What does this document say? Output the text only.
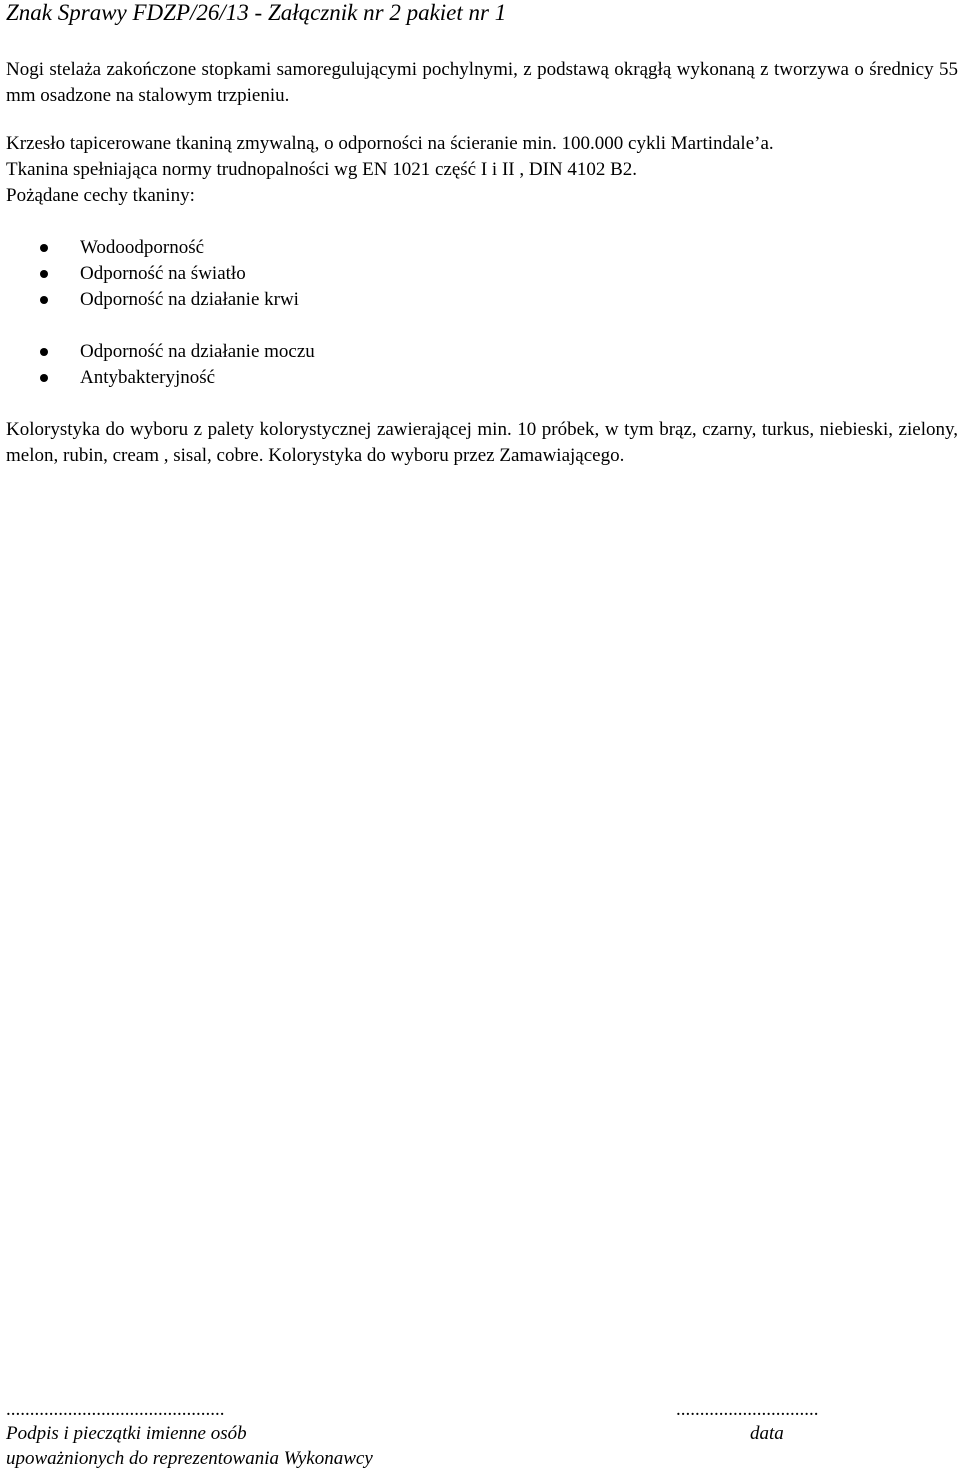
Znak Sprawy FDZP/26/13 - Załącznik nr 2 pakiet nr 1
Nogi stelaża zakończone stopkami samoregulującymi pochylnymi, z podstawą okrągłą wykonaną z tworzywa o średnicy 55 mm osadzone na stalowym trzpieniu.
Krzesło tapicerowane tkaniną zmywalną, o odporności na ścieranie min. 100.000 cykli Martindale’a.
Tkanina spełniająca normy trudnopalności wg EN 1021 część I i II , DIN 4102 B2.
Pożądane cechy tkaniny:
Wodoodporność
Odporność na światło
Odporność na działanie krwi
Odporność na działanie moczu
Antybakteryjność
Kolorystyka do wyboru z palety kolorystycznej zawierającej min. 10 próbek, w tym brąz, czarny, turkus, niebieski, zielony, melon, rubin, cream , sisal, cobre. Kolorystyka do wyboru przez Zamawiającego.
..............................................	..............................
Podpis i pieczątki imienne osób	data
upoważnionych do reprezentowania Wykonawcy
